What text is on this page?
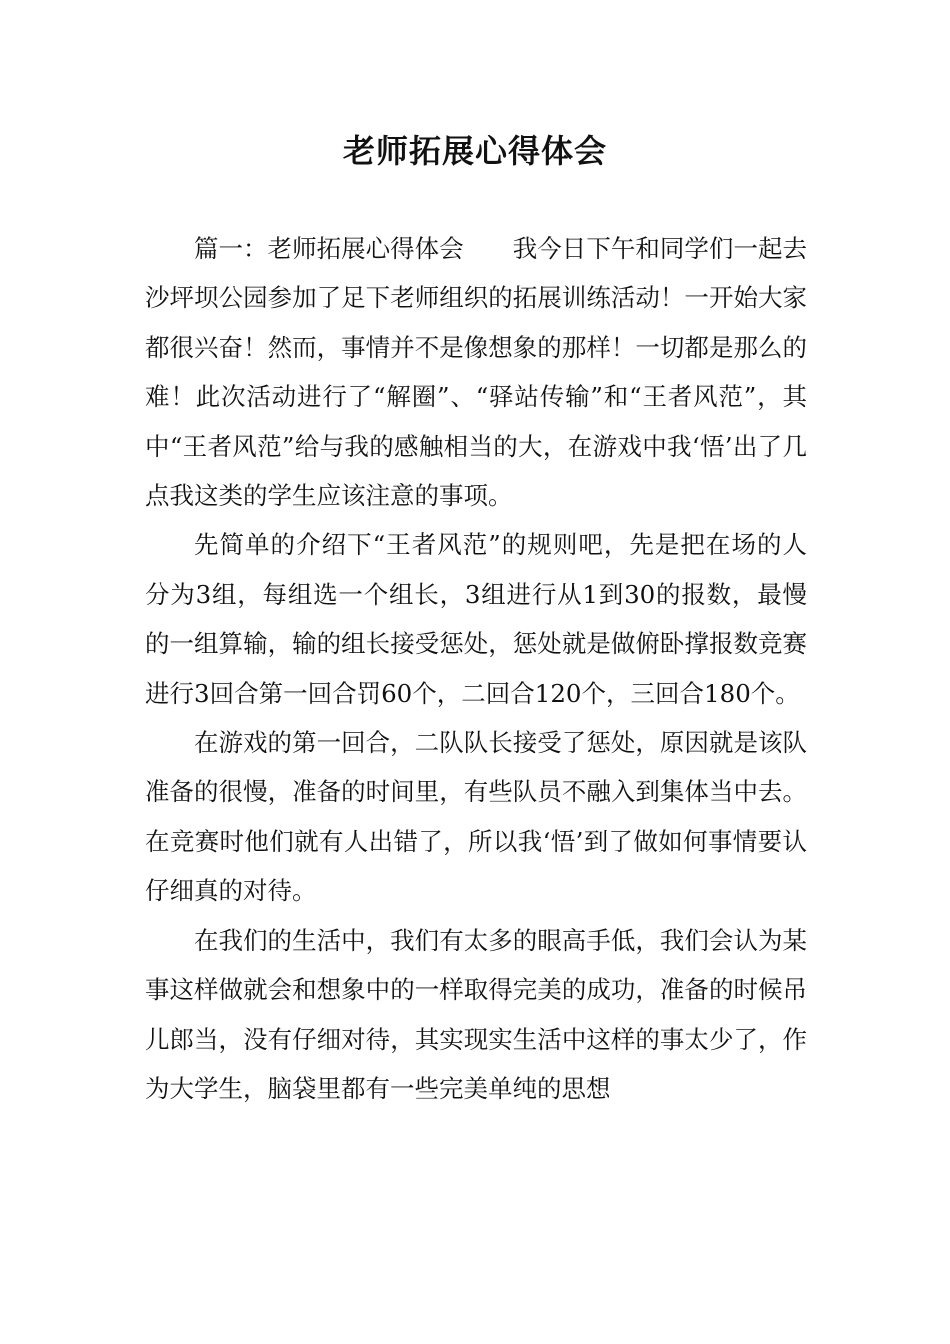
老师拓展心得体会

篇一：老师拓展心得体会　　我今日下午和同学们一起去沙坪坝公园参加了足下老师组织的拓展训练活动！一开始大家都很兴奋！然而，事情并不是像想象的那样！一切都是那么的难！此次活动进行了“解圈”、“驿站传输”和“王者风范”，其中“王者风范”给与我的感触相当的大，在游戏中我‘悟’出了几点我这类的学生应该注意的事项。

先简单的介绍下“王者风范”的规则吧，先是把在场的人分为3组，每组选一个组长，3组进行从1到30的报数，最慢的一组算输，输的组长接受惩处，惩处就是做俯卧撑报数竞赛进行3回合第一回合罚60个，二回合120个，三回合180个。

在游戏的第一回合，二队队长接受了惩处，原因就是该队准备的很慢，准备的时间里，有些队员不融入到集体当中去。在竞赛时他们就有人出错了，所以我‘悟’到了做如何事情要认仔细真的对待。

在我们的生活中，我们有太多的眼高手低，我们会认为某事这样做就会和想象中的一样取得完美的成功，准备的时候吊儿郎当，没有仔细对待，其实现实生活中这样的事太少了，作为大学生，脑袋里都有一些完美单纯的思想
